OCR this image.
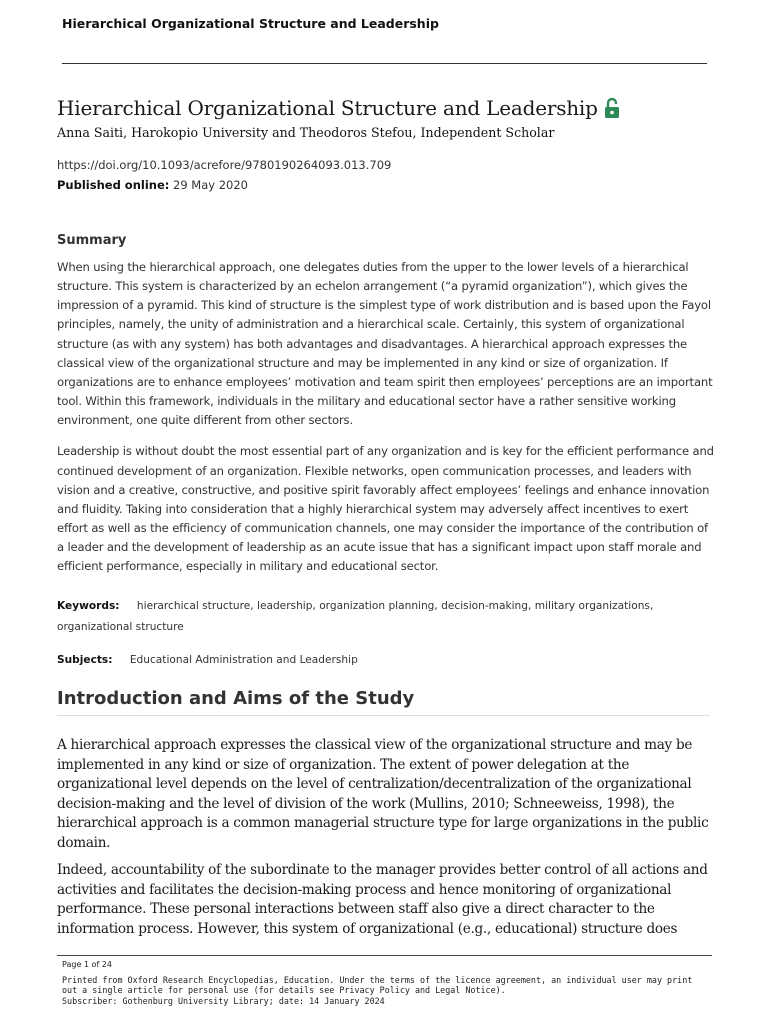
Hierarchical Organizational Structure and Leadership
Hierarchical Organizational Structure and Leadership
Anna Saiti, Harokopio University and Theodoros Stefou, Independent Scholar
https://doi.org/10.1093/acrefore/9780190264093.013.709
Published online: 29 May 2020
Summary

When using the hierarchical approach, one delegates duties from the upper to the lower levels of a hierarchical structure. This system is characterized by an echelon arrangement (“a pyramid organization”), which gives the impression of a pyramid. This kind of structure is the simplest type of work distribution and is based upon the Fayol principles, namely, the unity of administration and a hierarchical scale. Certainly, this system of organizational structure (as with any system) has both advantages and disadvantages. A hierarchical approach expresses the classical view of the organizational structure and may be implemented in any kind or size of organization. If organizations are to enhance employees’ motivation and team spirit then employees’ perceptions are an important tool. Within this framework, individuals in the military and educational sector have a rather sensitive working environment, one quite different from other sectors.

Leadership is without doubt the most essential part of any organization and is key for the efficient performance and continued development of an organization. Flexible networks, open communication processes, and leaders with vision and a creative, constructive, and positive spirit favorably affect employees’ feelings and enhance innovation and fluidity. Taking into consideration that a highly hierarchical system may adversely affect incentives to exert effort as well as the efficiency of communication channels, one may consider the importance of the contribution of a leader and the development of leadership as an acute issue that has a significant impact upon staff morale and efficient performance, especially in military and educational sector.

Keywords: hierarchical structure, leadership, organization planning, decision-making, military organizations, organizational structure
Subjects: Educational Administration and Leadership
Introduction and Aims of the Study

A hierarchical approach expresses the classical view of the organizational structure and may be implemented in any kind or size of organization. The extent of power delegation at the organizational level depends on the level of centralization/decentralization of the organizational decision-making and the level of division of the work (Mullins, 2010; Schneeweiss, 1998), the hierarchical approach is a common managerial structure type for large organizations in the public domain.

Indeed, accountability of the subordinate to the manager provides better control of all actions and activities and facilitates the decision-making process and hence monitoring of organizational performance. These personal interactions between staff also give a direct character to the information process. However, this system of organizational (e.g., educational) structure does

Page 1 of 24
Printed from Oxford Research Encyclopedias, Education. Under the terms of the licence agreement, an individual user may print out a single article for personal use (for details see Privacy Policy and Legal Notice).
Subscriber: Gothenburg University Library; date: 14 January 2024
